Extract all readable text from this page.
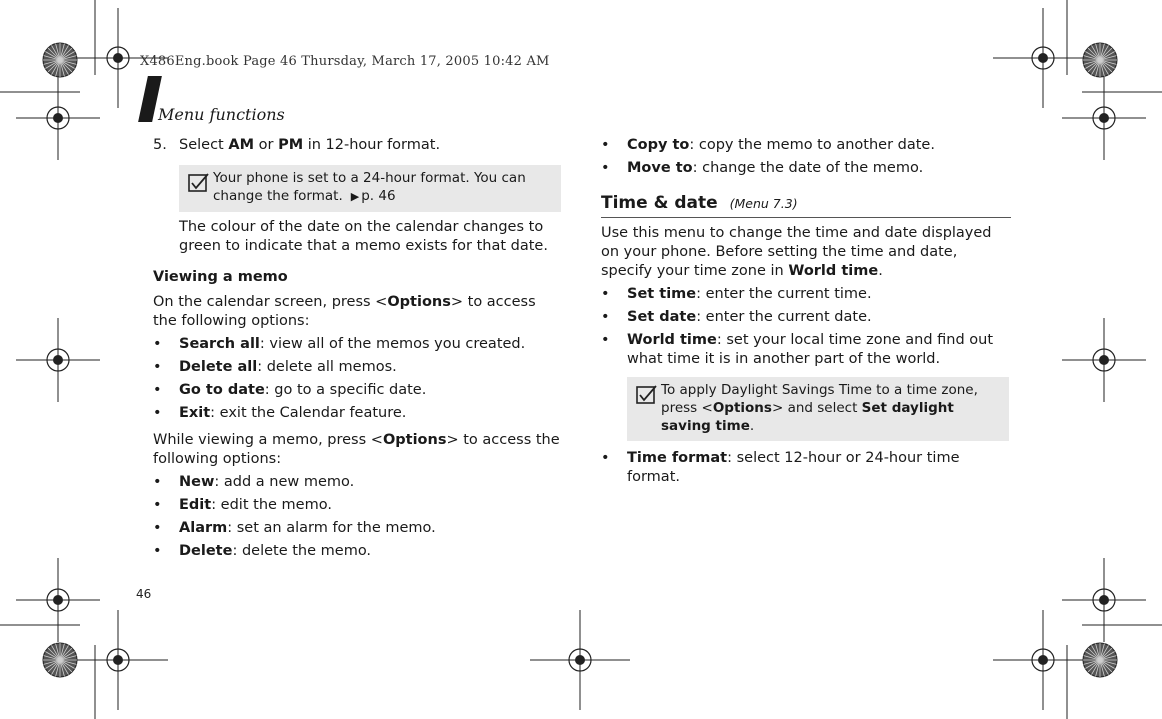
X486Eng.book Page 46 Thursday, March 17, 2005 10:42 AM
Menu functions
5. Select AM or PM in 12-hour format.
Your phone is set to a 24-hour format. You can change the format. ▶ p. 46

The colour of the date on the calendar changes to green to indicate that a memo exists for that date.

Viewing a memo

On the calendar screen, press <Options> to access the following options:

•	Search all: view all of the memos you created.
•	Delete all: delete all memos.
•	Go to date: go to a specific date.
•	Exit: exit the Calendar feature.

While viewing a memo, press <Options> to access the following options:

•	New: add a new memo.
•	Edit: edit the memo.
•	Alarm: set an alarm for the memo.
•	Delete: delete the memo.
•	Copy to: copy the memo to another date.
•	Move to: change the date of the memo.
Time & date (Menu 7.3)

Use this menu to change the time and date displayed on your phone. Before setting the time and date, specify your time zone in World time.

•	Set time: enter the current time.
•	Set date: enter the current date.
•	World time: set your local time zone and find out what time it is in another part of the world.
To apply Daylight Savings Time to a time zone, press <Options> and select Set daylight saving time.
•	Time format: select 12-hour or 24-hour time format.
46
